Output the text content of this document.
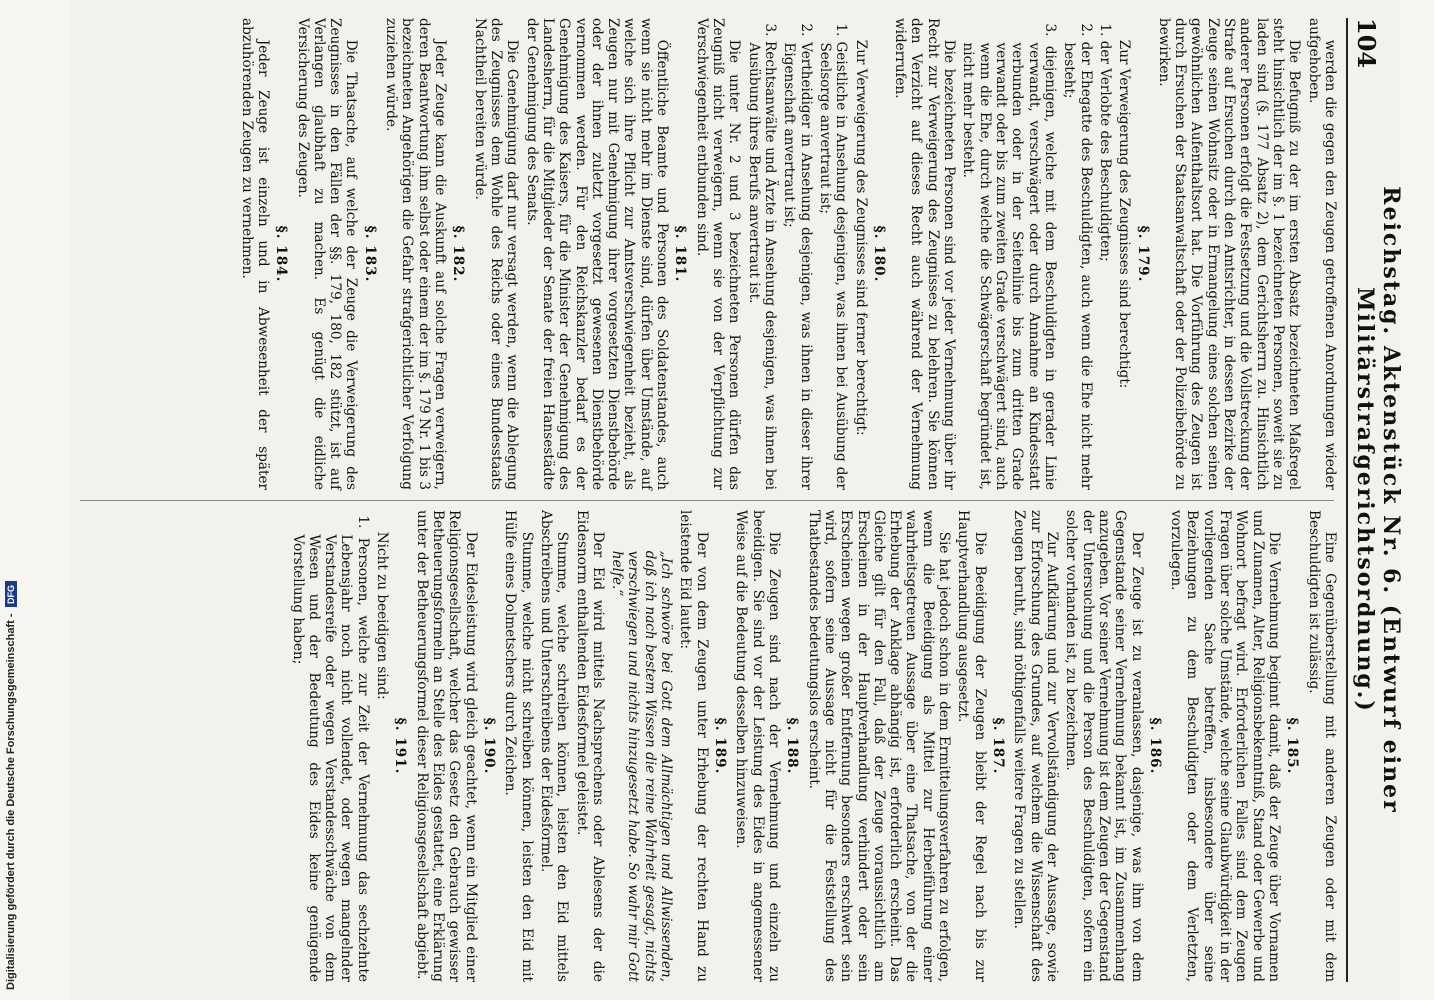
104
Reichstag. Aktenstück Nr. 6. (Entwurf einer Militärstrafgerichtsordnung.)
werden die gegen den Zeugen getroffenen Anordnungen wieder aufgehoben.
Die Befugniß zu der im ersten Absatz bezeichneten Maßregel steht hinsichtlich der im §. 1 bezeichneten Personen, soweit sie zu laden sind (§. 177 Absatz 2), dem Gerichtsherrn zu. Hinsichtlich anderer Personen erfolgt die Festsetzung und die Vollstreckung der Strafe auf Ersuchen durch den Amtsrichter, in dessen Bezirke der Zeuge seinen Wohnsitz oder in Ermangelung eines solchen seinen gewöhnlichen Aufenthaltsort hat. Die Vorführung des Zeugen ist durch Ersuchen der Staatsanwaltschaft oder der Polizeibehörde zu bewirken.
§. 179.
Zur Verweigerung des Zeugnisses sind berechtigt:
1. der Verlobte des Beschuldigten;
2. der Ehegatte des Beschuldigten, auch wenn die Ehe nicht mehr besteht;
3. diejenigen, welche mit dem Beschuldigten in gerader Linie verwandt, verschwägert oder durch Annahme an Kindesstatt verbunden oder in der Seitenlinie bis zum dritten Grade verwandt oder bis zum zweiten Grade verschwägert sind, auch wenn die Ehe, durch welche die Schwägerschaft begründet ist, nicht mehr besteht.
Die bezeichneten Personen sind vor jeder Vernehmung über ihr Recht zur Verweigerung des Zeugnisses zu belehren. Sie können den Verzicht auf dieses Recht auch während der Vernehmung widerrufen.
§. 180.
Zur Verweigerung des Zeugnisses sind ferner berechtigt:
1. Geistliche in Ansehung desjenigen, was ihnen bei Ausübung der Seelsorge anvertraut ist;
2. Vertheidiger in Ansehung desjenigen, was ihnen in dieser ihrer Eigenschaft anvertraut ist;
3. Rechtsanwälte und Ärzte in Ansehung desjenigen, was ihnen bei Ausübung ihres Berufs anvertraut ist.
Die unter Nr. 2 und 3 bezeichneten Personen dürfen das Zeugniß nicht verweigern, wenn sie von der Verpflichtung zur Verschwiegenheit entbunden sind.
§. 181.
Öffentliche Beamte und Personen des Soldatenstandes, auch wenn sie nicht mehr im Dienste sind, dürfen über Umstände, auf welche sich ihre Pflicht zur Amtsverschwiegenheit bezieht, als Zeugen nur mit Genehmigung ihrer vorgesetzten Dienstbehörde oder der ihnen zuletzt vorgesetzt gewesenen Dienstbehörde vernommen werden. Für den Reichskanzler bedarf es der Genehmigung des Kaisers, für die Minister der Genehmigung des Landesherrn, für die Mitglieder der Senate der freien Hansestädte der Genehmigung des Senats.
Die Genehmigung darf nur versagt werden, wenn die Ablegung des Zeugnisses dem Wohle des Reichs oder eines Bundesstaats Nachtheil bereiten würde.
§. 182.
Jeder Zeuge kann die Auskunft auf solche Fragen verweigern, deren Beantwortung ihm selbst oder einem der im §. 179 Nr. 1 bis 3 bezeichneten Angehörigen die Gefahr strafgerichtlicher Verfolgung zuziehen würde.
§. 183.
Die Thatsache, auf welche der Zeuge die Verweigerung des Zeugnisses in den Fällen der §§. 179, 180, 182 stützt, ist auf Verlangen glaubhaft zu machen. Es genügt die eidliche Versicherung des Zeugen.
§. 184.
Jeder Zeuge ist einzeln und in Abwesenheit der später abzuhörenden Zeugen zu vernehmen.
Eine Gegenüberstellung mit anderen Zeugen oder mit dem Beschuldigten ist zulässig.
§. 185.
Die Vernehmung beginnt damit, daß der Zeuge über Vornamen und Zunamen, Alter, Religionsbekenntniß, Stand oder Gewerbe und Wohnort befragt wird. Erforderlichen Falles sind dem Zeugen Fragen über solche Umstände, welche seine Glaubwürdigkeit in der vorliegenden Sache betreffen, insbesondere über seine Beziehungen zu dem Beschuldigten oder dem Verletzten, vorzulegen.
§. 186.
Der Zeuge ist zu veranlassen, dasjenige, was ihm von dem Gegenstande seiner Vernehmung bekannt ist, im Zusammenhang anzugeben. Vor seiner Vernehmung ist dem Zeugen der Gegenstand der Untersuchung und die Person des Beschuldigten, sofern ein solcher vorhanden ist, zu bezeichnen.
Zur Aufklärung und zur Vervollständigung der Aussage, sowie zur Erforschung des Grundes, auf welchem die Wissenschaft des Zeugen beruht, sind nöthigenfalls weitere Fragen zu stellen.
§. 187.
Die Beeidigung der Zeugen bleibt der Regel nach bis zur Hauptverhandlung ausgesetzt.
Sie hat jedoch schon in dem Ermittelungsverfahren zu erfolgen, wenn die Beeidigung als Mittel zur Herbeiführung einer wahrheitsgetreuen Aussage über eine Thatsache, von der die Erhebung der Anklage abhängig ist, erforderlich erscheint. Das Gleiche gilt für den Fall, daß der Zeuge voraussichtlich am Erscheinen in der Hauptverhandlung verhindert oder sein Erscheinen wegen großer Entfernung besonders erschwert sein wird, sofern seine Aussage nicht für die Feststellung des Thatbestandes bedeutungslos erscheint.
§. 188.
Die Zeugen sind nach der Vernehmung und einzeln zu beeidigen. Sie sind vor der Leistung des Eides in angemessener Weise auf die Bedeutung desselben hinzuweisen.
§. 189.
Der von dem Zeugen unter Erhebung der rechten Hand zu leistende Eid lautet:
„Ich schwöre bei Gott dem Allmächtigen und Allwissenden, daß ich nach bestem Wissen die reine Wahrheit gesagt, nichts verschwiegen und nichts hinzugesetzt habe. So wahr mir Gott helfe.“
Der Eid wird mittels Nachsprechens oder Ablesens der die Eidesnorm enthaltenden Eidesformel geleistet.
Stumme, welche schreiben können, leisten den Eid mittels Abschreibens und Unterschreibens der Eidesformel.
Stumme, welche nicht schreiben können, leisten den Eid mit Hülfe eines Dolmetschers durch Zeichen.
§. 190.
Der Eidesleistung wird gleich geachtet, wenn ein Mitglied einer Religionsgesellschaft, welcher das Gesetz den Gebrauch gewisser Betheuerungsformeln an Stelle des Eides gestattet, eine Erklärung unter der Betheuerungsformel dieser Religionsgesellschaft abgiebt.
§. 191.
Nicht zu beeidigen sind:
1. Personen, welche zur Zeit der Vernehmung das sechzehnte Lebensjahr noch nicht vollendet, oder wegen mangelnder Verstandesreife oder wegen Verstandesschwäche von dem Wesen und der Bedeutung des Eides keine genügende Vorstellung haben;
Digitalisierung gefördert durch die Deutsche Forschungsgemeinschaft -
DFG
